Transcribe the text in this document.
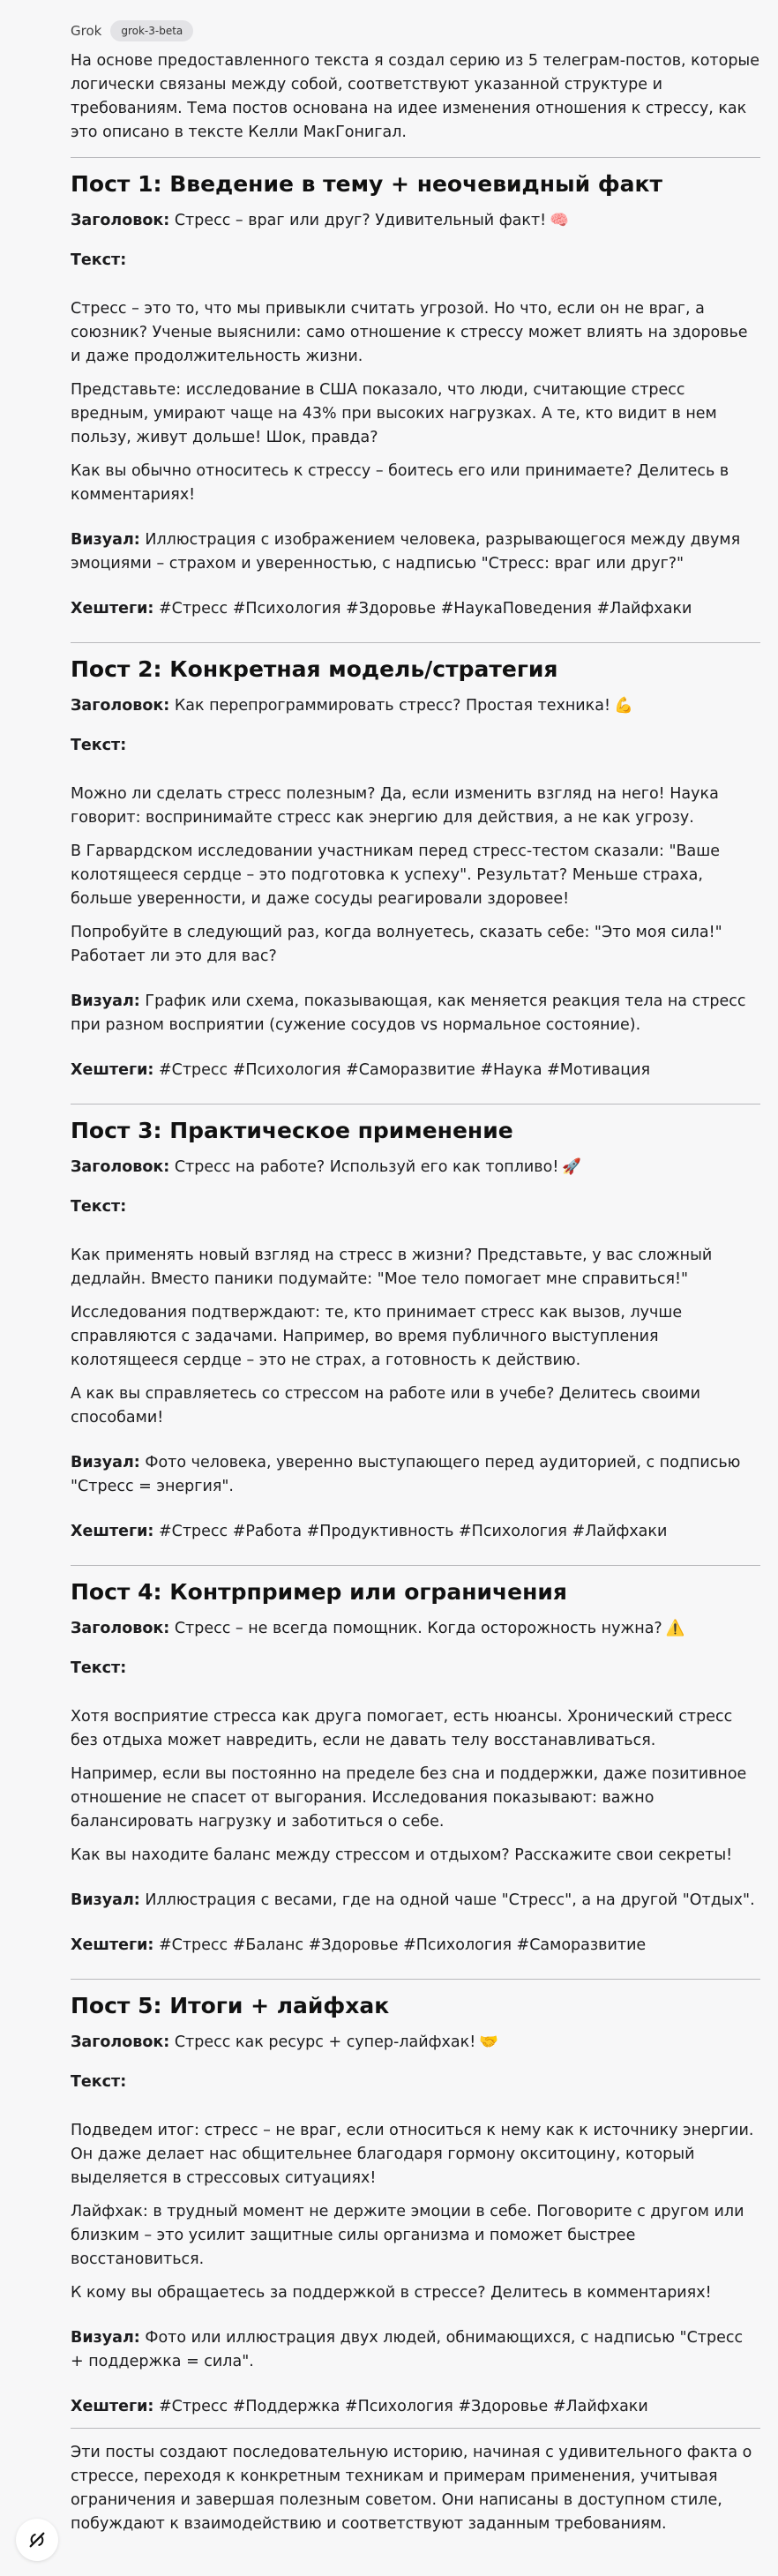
Grok	grok-3-beta

На основе предоставленного текста я создал серию из 5 телеграм-постов, которые логически связаны между собой, соответствуют указанной структуре и требованиям. Тема постов основана на идее изменения отношения к стрессу, как это описано в тексте Келли МакГонигал.

Пост 1: Введение в тему + неочевидный факт

Заголовок: Стресс – враг или друг? Удивительный факт! 🧠

Текст:

Стресс – это то, что мы привыкли считать угрозой. Но что, если он не враг, а союзник? Ученые выяснили: само отношение к стрессу может влиять на здоровье и даже продолжительность жизни.

Представьте: исследование в США показало, что люди, считающие стресс вредным, умирают чаще на 43% при высоких нагрузках. А те, кто видит в нем пользу, живут дольше! Шок, правда?

Как вы обычно относитесь к стрессу – боитесь его или принимаете? Делитесь в комментариях!

Визуал: Иллюстрация с изображением человека, разрывающегося между двумя эмоциями – страхом и уверенностью, с надписью "Стресс: враг или друг?"

Хештеги: #Стресс #Психология #Здоровье #НаукаПоведения #Лайфхаки

Пост 2: Конкретная модель/стратегия

Заголовок: Как перепрограммировать стресс? Простая техника! 💪

Текст:

Можно ли сделать стресс полезным? Да, если изменить взгляд на него! Наука говорит: воспринимайте стресс как энергию для действия, а не как угрозу.

В Гарвардском исследовании участникам перед стресс-тестом сказали: "Ваше колотящееся сердце – это подготовка к успеху". Результат? Меньше страха, больше уверенности, и даже сосуды реагировали здоровее!

Попробуйте в следующий раз, когда волнуетесь, сказать себе: "Это моя сила!" Работает ли это для вас?

Визуал: График или схема, показывающая, как меняется реакция тела на стресс при разном восприятии (сужение сосудов vs нормальное состояние).

Хештеги: #Стресс #Психология #Саморазвитие #Наука #Мотивация

Пост 3: Практическое применение

Заголовок: Стресс на работе? Используй его как топливо! 🚀

Текст:

Как применять новый взгляд на стресс в жизни? Представьте, у вас сложный дедлайн. Вместо паники подумайте: "Мое тело помогает мне справиться!"

Исследования подтверждают: те, кто принимает стресс как вызов, лучше справляются с задачами. Например, во время публичного выступления колотящееся сердце – это не страх, а готовность к действию.

А как вы справляетесь со стрессом на работе или в учебе? Делитесь своими способами!

Визуал: Фото человека, уверенно выступающего перед аудиторией, с подписью "Стресс = энергия".

Хештеги: #Стресс #Работа #Продуктивность #Психология #Лайфхаки

Пост 4: Контрпример или ограничения

Заголовок: Стресс – не всегда помощник. Когда осторожность нужна? ⚠️

Текст:

Хотя восприятие стресса как друга помогает, есть нюансы. Хронический стресс без отдыха может навредить, если не давать телу восстанавливаться.

Например, если вы постоянно на пределе без сна и поддержки, даже позитивное отношение не спасет от выгорания. Исследования показывают: важно балансировать нагрузку и заботиться о себе.

Как вы находите баланс между стрессом и отдыхом? Расскажите свои секреты!

Визуал: Иллюстрация с весами, где на одной чаше "Стресс", а на другой "Отдых".

Хештеги: #Стресс #Баланс #Здоровье #Психология #Саморазвитие

Пост 5: Итоги + лайфхак

Заголовок: Стресс как ресурс + супер-лайфхак! 🤝

Текст:

Подведем итог: стресс – не враг, если относиться к нему как к источнику энергии. Он даже делает нас общительнее благодаря гормону окситоцину, который выделяется в стрессовых ситуациях!

Лайфхак: в трудный момент не держите эмоции в себе. Поговорите с другом или близким – это усилит защитные силы организма и поможет быстрее восстановиться.

К кому вы обращаетесь за поддержкой в стрессе? Делитесь в комментариях!

Визуал: Фото или иллюстрация двух людей, обнимающихся, с надписью "Стресс + поддержка = сила".

Хештеги: #Стресс #Поддержка #Психология #Здоровье #Лайфхаки

Эти посты создают последовательную историю, начиная с удивительного факта о стрессе, переходя к конкретным техникам и примерам применения, учитывая ограничения и завершая полезным советом. Они написаны в доступном стиле, побуждают к взаимодействию и соответствуют заданным требованиям.
